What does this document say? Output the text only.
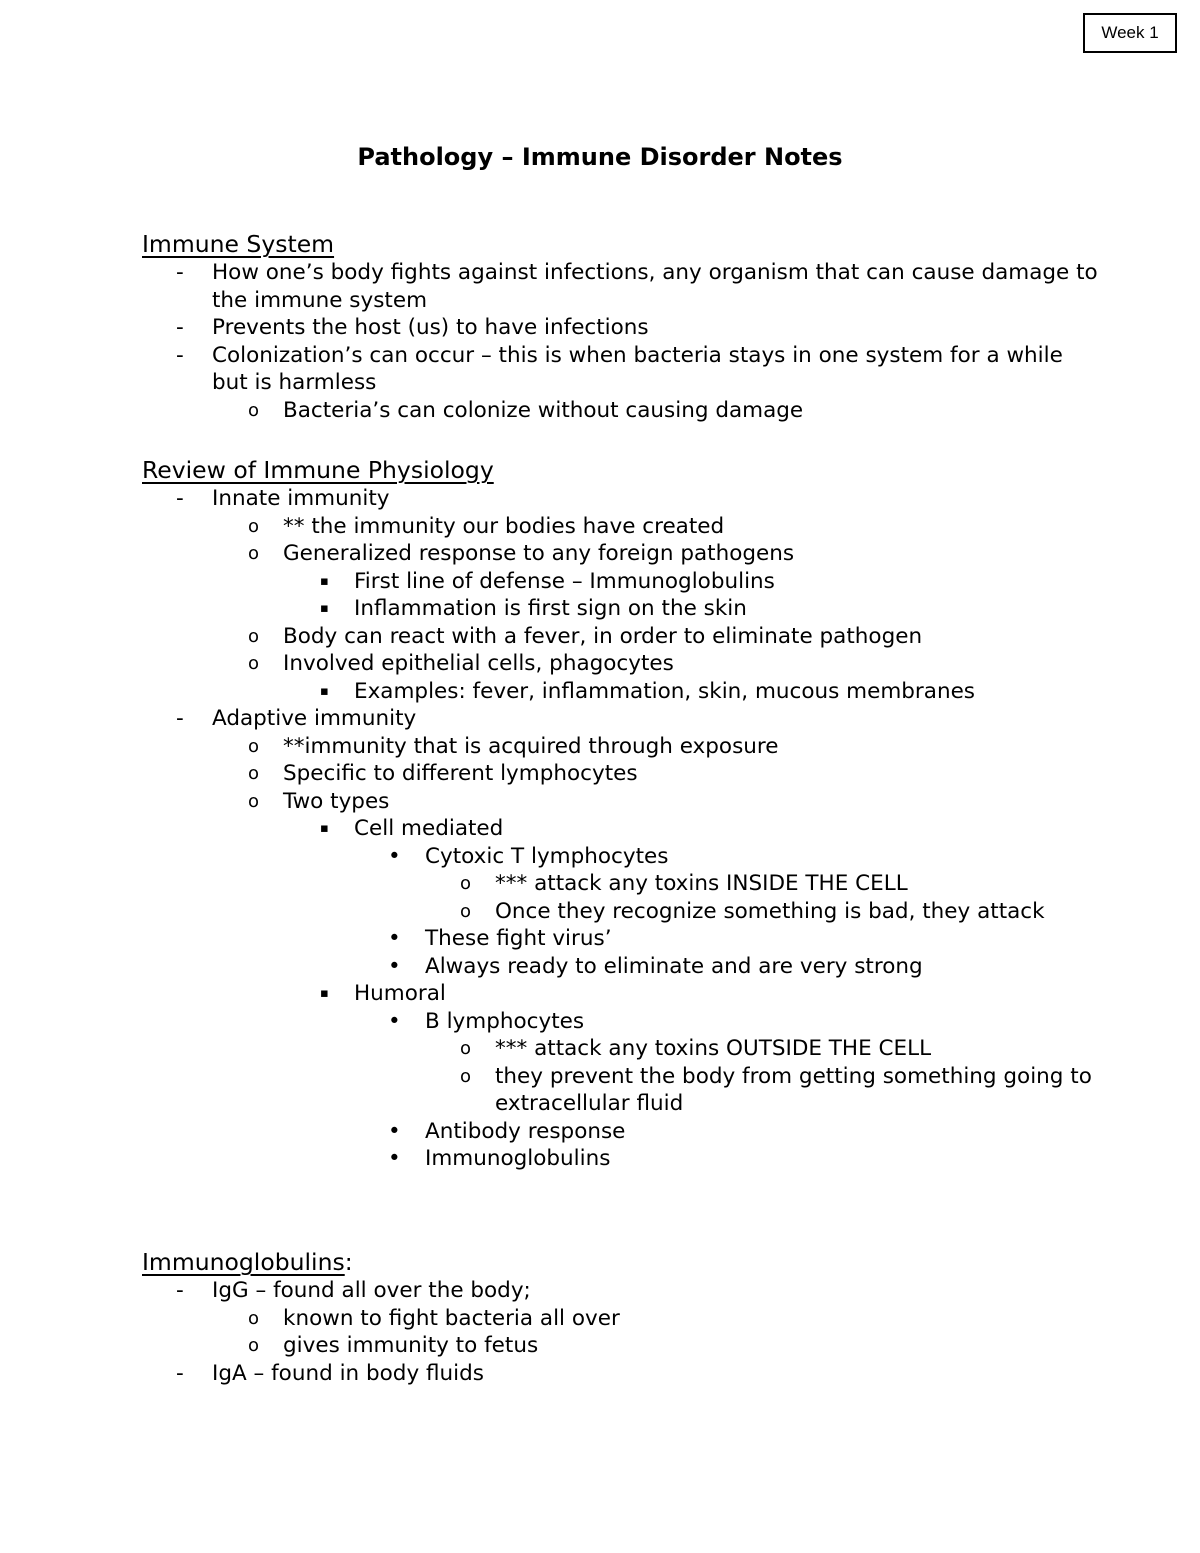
Week 1
Pathology – Immune Disorder Notes
Immune System
- How one’s body fights against infections, any organism that can cause damage to the immune system
- Prevents the host (us) to have infections
- Colonization’s can occur – this is when bacteria stays in one system for a while but is harmless
o Bacteria’s can colonize without causing damage
Review of Immune Physiology
- Innate immunity
o ** the immunity our bodies have created
o Generalized response to any foreign pathogens
▪ First line of defense – Immunoglobulins
▪ Inflammation is first sign on the skin
o Body can react with a fever, in order to eliminate pathogen
o Involved epithelial cells, phagocytes
▪ Examples: fever, inflammation, skin, mucous membranes
- Adaptive immunity
o **immunity that is acquired through exposure
o Specific to different lymphocytes
o Two types
▪ Cell mediated
• Cytoxic T lymphocytes
o *** attack any toxins INSIDE THE CELL
o Once they recognize something is bad, they attack
• These fight virus’
• Always ready to eliminate and are very strong
▪ Humoral
• B lymphocytes
o *** attack any toxins OUTSIDE THE CELL
o they prevent the body from getting something going to extracellular fluid
• Antibody response
• Immunoglobulins
Immunoglobulins:
- IgG – found all over the body;
o known to fight bacteria all over
o gives immunity to fetus
- IgA – found in body fluids
